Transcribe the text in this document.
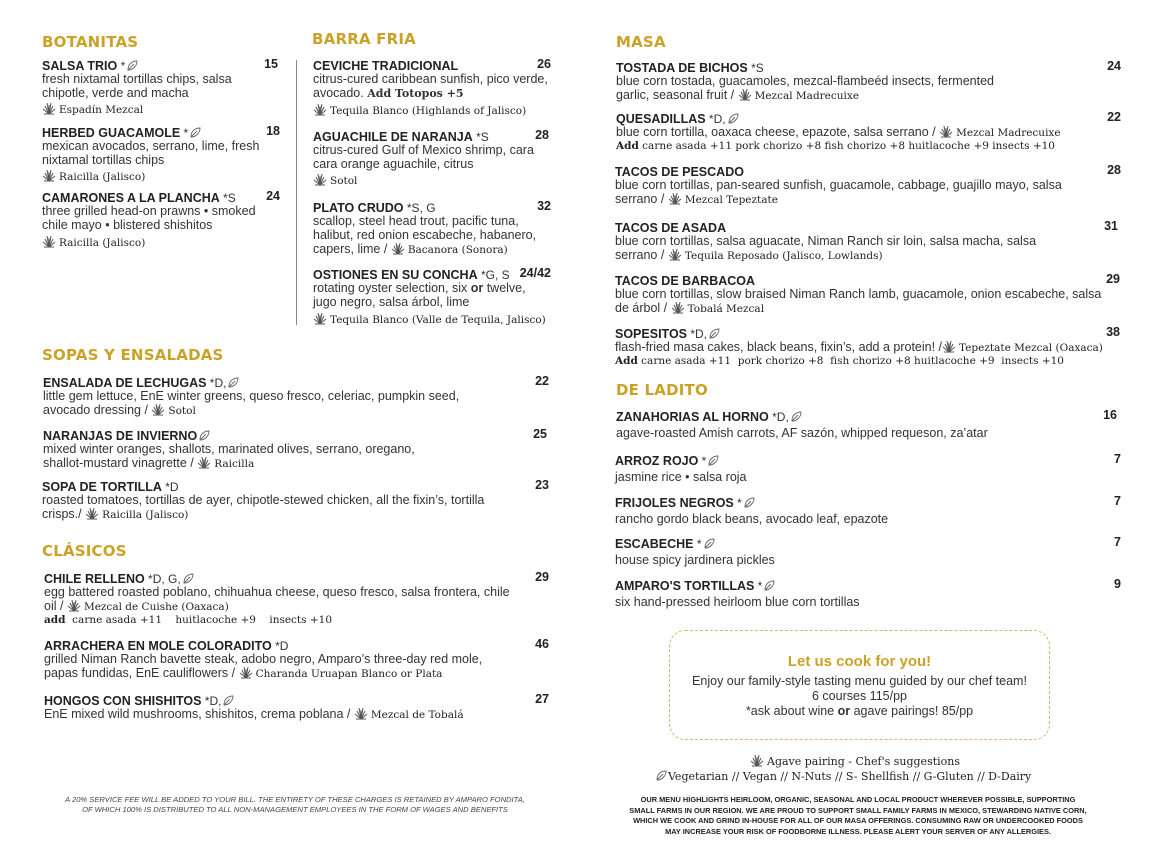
BOTANITAS	BARRA FRIA
SALSA TRIO *	15
fresh nixtamal tortillas chips, salsa chipotle, verde and macha
Espadín Mezcal
HERBED GUACAMOLE *	18
mexican avocados, serrano, lime, fresh nixtamal tortillas chips
Raicilla (Jalisco)
CAMARONES A LA PLANCHA *S 24
three grilled head-on prawns • smoked chile mayo • blistered shishitos
Raicilla (Jalisco)
CEVICHE TRADICIONAL	26
citrus-cured caribbean sunfish, pico verde, avocado. Add Totopos +5
Tequila Blanco (Highlands of Jalisco)
AGUACHILE DE NARANJA *S	28
citrus-cured Gulf of Mexico shrimp, cara cara orange aguachile, citrus
Sotol
PLATO CRUDO *S, G	32
scallop, steel head trout, pacific tuna, halibut, red onion escabeche, habanero, capers, lime / Bacanora (Sonora)
OSTIONES EN SU CONCHA *G, S 24/42
rotating oyster selection, six or twelve, jugo negro, salsa árbol, lime
Tequila Blanco (Valle de Tequila, Jalisco)
SOPAS Y ENSALADAS
ENSALADA DE LECHUGAS *D,	22
little gem lettuce, EnE winter greens, queso fresco, celeriac, pumpkin seed, avocado dressing / Sotol
NARANJAS DE INVIERNO	25
mixed winter oranges, shallots, marinated olives, serrano, oregano, shallot-mustard vinagrette / Raicilla
SOPA DE TORTILLA *D	23
roasted tomatoes, tortillas de ayer, chipotle-stewed chicken, all the fixin’s, tortilla crisps./ Raicilla (Jalisco)
CLÁSICOS
CHILE RELLENO *D, G,	29
egg battered roasted poblano, chihuahua cheese, queso fresco, salsa frontera, chile oil / Mezcal de Cuishe (Oaxaca)
add  carne asada +11    huitlacoche +9    insects +10
ARRACHERA EN MOLE COLORADITO *D	46
grilled Niman Ranch bavette steak, adobo negro, Amparo’s three-day red mole, papas fundidas, EnE cauliflowers / Charanda Uruapan Blanco or Plata
HONGOS CON SHISHITOS *D,	27
EnE mixed wild mushrooms, shishitos, crema poblana / Mezcal de Tobalá
A 20% SERVICE FEE WILL BE ADDED TO YOUR BILL. THE ENTIRETY OF THESE CHARGES IS RETAINED BY AMPARO FONDITA, OF WHICH 100% IS DISTRIBUTED TO ALL NON-MANAGEMENT EMPLOYEES IN THE FORM OF WAGES AND BENEFITS
MASA
TOSTADA DE BICHOS *S	24
blue corn tostada, guacamoles, mezcal-flambeéd insects, fermented garlic, seasonal fruit / Mezcal Madrecuixe
QUESADILLAS *D,	22
blue corn tortilla, oaxaca cheese, epazote, salsa serrano / Mezcal Madrecuixe
Add carne asada +11 pork chorizo +8 fish chorizo +8 huitlacoche +9 insects +10
TACOS DE PESCADO	28
blue corn tortillas, pan-seared sunfish, guacamole, cabbage, guajillo mayo, salsa serrano / Mezcal Tepeztate
TACOS DE ASADA	31
blue corn tortillas, salsa aguacate, Niman Ranch sir loin, salsa macha, salsa serrano / Tequila Reposado (Jalisco, Lowlands)
TACOS DE BARBACOA	29
blue corn tortillas, slow braised Niman Ranch lamb, guacamole, onion escabeche, salsa de árbol / Tobalá Mezcal
SOPESITOS *D,	38
flash-fried masa cakes, black beans, fixin’s, add a protein! / Tepeztate Mezcal (Oaxaca)
Add carne asada +11  pork chorizo +8  fish chorizo +8 huitlacoche +9  insects +10
DE LADITO
ZANAHORIAS AL HORNO *D,	16
agave-roasted Amish carrots, AF sazón, whipped requeson, za’atar
ARROZ ROJO *	7
jasmine rice • salsa roja
FRIJOLES NEGROS *	7
rancho gordo black beans, avocado leaf, epazote
ESCABECHE *	7
house spicy jardinera pickles
AMPARO'S TORTILLAS *	9
six hand-pressed heirloom blue corn tortillas
Let us cook for you!
Enjoy our family-style tasting menu guided by our chef team!
6 courses 115/pp
*ask about wine or agave pairings! 85/pp
Agave pairing - Chef's suggestions
Vegetarian // Vegan // N-Nuts // S- Shellfish // G-Gluten // D-Dairy
OUR MENU HIGHLIGHTS HEIRLOOM, ORGANIC, SEASONAL AND LOCAL PRODUCT WHEREVER POSSIBLE, SUPPORTING SMALL FARMS IN OUR REGION. WE ARE PROUD TO SUPPORT SMALL FAMILY FARMS IN MEXICO, STEWARDING NATIVE CORN, WHICH WE COOK AND GRIND IN-HOUSE FOR ALL OF OUR MASA OFFERINGS. CONSUMING RAW OR UNDERCOOKED FOODS MAY INCREASE YOUR RISK OF FOODBORNE ILLNESS. PLEASE ALERT YOUR SERVER OF ANY ALLERGIES.
